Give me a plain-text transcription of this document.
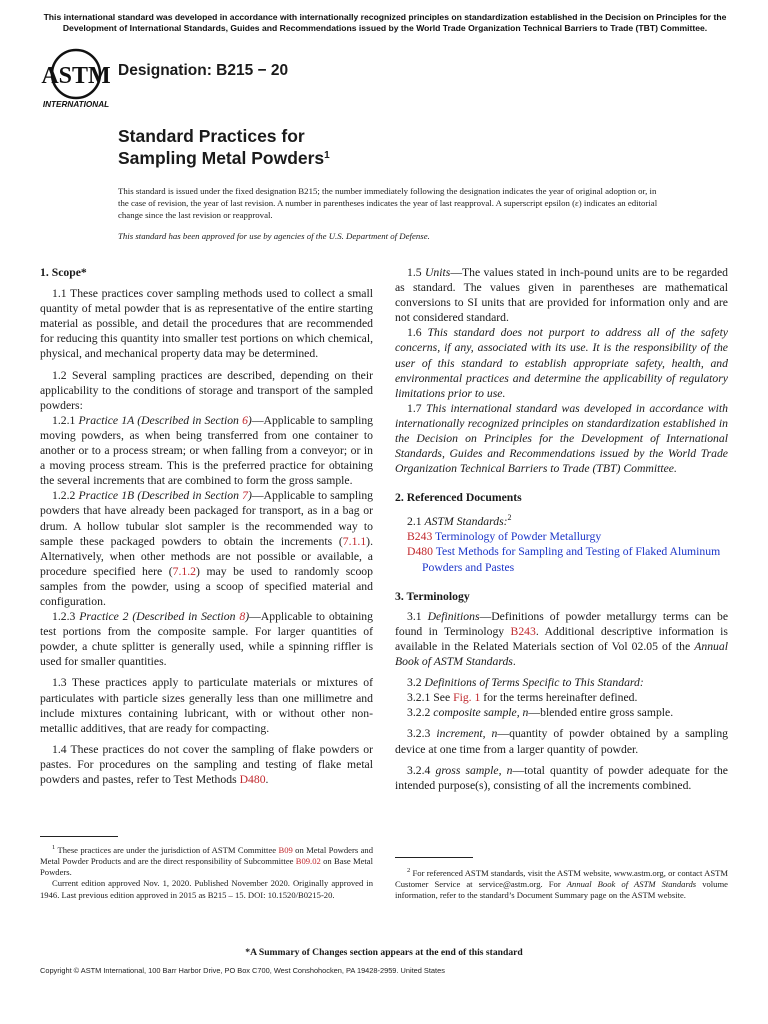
This international standard was developed in accordance with internationally recognized principles on standardization established in the Decision on Principles for the Development of International Standards, Guides and Recommendations issued by the World Trade Organization Technical Barriers to Trade (TBT) Committee.
ASTM
INTERNATIONAL
Designation: B215 − 20
Standard Practices for
Sampling Metal Powders$^1$
This standard is issued under the fixed designation B215; the number immediately following the designation indicates the year of original adoption or, in the case of revision, the year of last revision. A number in parentheses indicates the year of last reapproval. A superscript epsilon (ε) indicates an editorial change since the last revision or reapproval.
This standard has been approved for use by agencies of the U.S. Department of Defense.
1. Scope*

1.1 These practices cover sampling methods used to collect a small quantity of metal powder that is as representative of the entire starting material as possible, and detail the procedures that are recommended for reducing this quantity into smaller test portions on which chemical, physical, and mechanical property data may be determined.

1.2 Several sampling practices are described, depending on their applicability to the conditions of storage and transport of the sampled powders:

1.2.1 Practice 1A (Described in Section 6)—Applicable to sampling moving powders, as when being transferred from one container to another or to a process stream; or when falling from a conveyor; or in a moving process stream. This is the preferred practice for obtaining the several increments that are combined to form the gross sample.

1.2.2 Practice 1B (Described in Section 7)—Applicable to sampling powders that have already been packaged for transport, as in a bag or drum. A hollow tubular slot sampler is the recommended way to sample these packaged powders to obtain the increments (7.1.1). Alternatively, when other methods are not possible or available, a procedure specified here (7.1.2) may be used to randomly scoop samples from the powder, using a scoop of specified material and configuration.

1.2.3 Practice 2 (Described in Section 8)—Applicable to obtaining test portions from the composite sample. For larger quantities of powder, a chute splitter is generally used, while a spinning riffler is used for smaller quantities.

1.3 These practices apply to particulate materials or mixtures of particulates with particle sizes generally less than one millimetre and include mixtures containing lubricant, with or without other non-metallic additives, that are ready for compacting.

1.4 These practices do not cover the sampling of flake powders or pastes. For procedures on the sampling and testing of flake metal powders and pastes, refer to Test Methods D480.

1.5 Units—The values stated in inch-pound units are to be regarded as standard. The values given in parentheses are mathematical conversions to SI units that are provided for information only and are not considered standard.

1.6 This standard does not purport to address all of the safety concerns, if any, associated with its use. It is the responsibility of the user of this standard to establish appropriate safety, health, and environmental practices and determine the applicability of regulatory limitations prior to use.

1.7 This international standard was developed in accordance with internationally recognized principles on standardization established in the Decision on Principles for the Development of International Standards, Guides and Recommendations issued by the World Trade Organization Technical Barriers to Trade (TBT) Committee.

2. Referenced Documents

2.1 ASTM Standards:$^2$

B243 Terminology of Powder Metallurgy

D480 Test Methods for Sampling and Testing of Flaked Aluminum Powders and Pastes

3. Terminology

3.1 Definitions—Definitions of powder metallurgy terms can be found in Terminology B243. Additional descriptive information is available in the Related Materials section of Vol 02.05 of the Annual Book of ASTM Standards.

3.2 Definitions of Terms Specific to This Standard:

3.2.1 See Fig. 1 for the terms hereinafter defined.

3.2.2 composite sample, n—blended entire gross sample.

3.2.3 increment, n—quantity of powder obtained by a sampling device at one time from a larger quantity of powder.

3.2.4 gross sample, n—total quantity of powder adequate for the intended purpose(s), consisting of all the increments combined.

$^1$ These practices are under the jurisdiction of ASTM Committee B09 on Metal Powders and Metal Powder Products and are the direct responsibility of Subcommittee B09.02 on Base Metal Powders.

Current edition approved Nov. 1, 2020. Published November 2020. Originally approved in 1946. Last previous edition approved in 2015 as B215 – 15. DOI: 10.1520/B0215-20.

$^2$ For referenced ASTM standards, visit the ASTM website, www.astm.org, or contact ASTM Customer Service at service@astm.org. For Annual Book of ASTM Standards volume information, refer to the standard’s Document Summary page on the ASTM website.

*A Summary of Changes section appears at the end of this standard
Copyright © ASTM International, 100 Barr Harbor Drive, PO Box C700, West Conshohocken, PA 19428-2959. United States
